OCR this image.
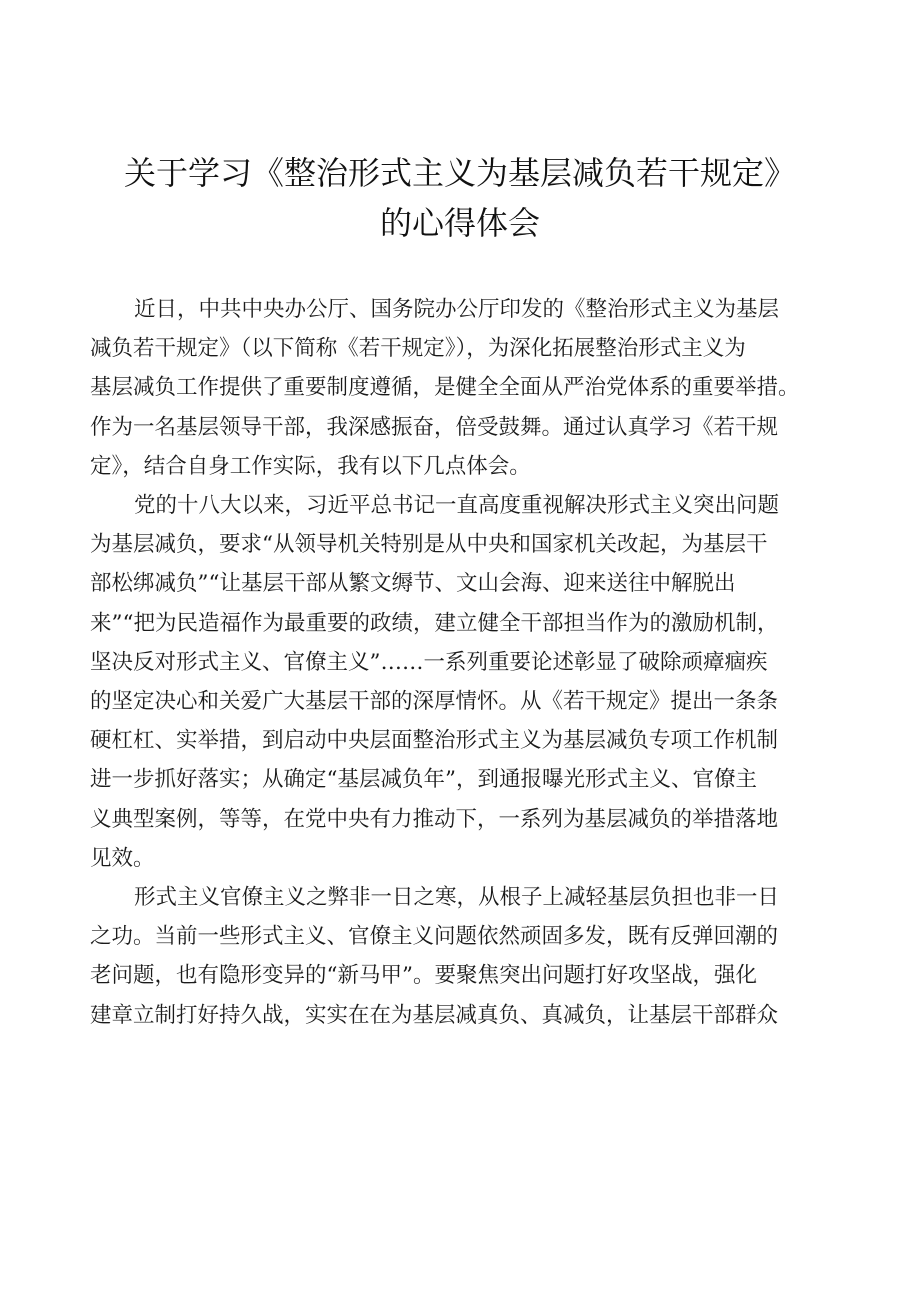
关于学习《整治形式主义为基层减负若干规定》
的心得体会

近日，中共中央办公厅、国务院办公厅印发的《整治形式主义为基层
减负若干规定》（以下简称《若干规定》），为深化拓展整治形式主义为
基层减负工作提供了重要制度遵循，是健全全面从严治党体系的重要举措。
作为一名基层领导干部，我深感振奋，倍受鼓舞。通过认真学习《若干规
定》，结合自身工作实际，我有以下几点体会。

党的十八大以来，习近平总书记一直高度重视解决形式主义突出问题
为基层减负，要求“从领导机关特别是从中央和国家机关改起，为基层干
部松绑减负”“让基层干部从繁文缛节、文山会海、迎来送往中解脱出
来”“把为民造福作为最重要的政绩，建立健全干部担当作为的激励机制，
坚决反对形式主义、官僚主义”……一系列重要论述彰显了破除顽瘴痼疾
的坚定决心和关爱广大基层干部的深厚情怀。从《若干规定》提出一条条
硬杠杠、实举措，到启动中央层面整治形式主义为基层减负专项工作机制
进一步抓好落实；从确定“基层减负年”，到通报曝光形式主义、官僚主
义典型案例，等等，在党中央有力推动下，一系列为基层减负的举措落地
见效。

形式主义官僚主义之弊非一日之寒，从根子上减轻基层负担也非一日
之功。当前一些形式主义、官僚主义问题依然顽固多发，既有反弹回潮的
老问题，也有隐形变异的“新马甲”。要聚焦突出问题打好攻坚战，强化
建章立制打好持久战，实实在在为基层减真负、真减负，让基层干部群众
